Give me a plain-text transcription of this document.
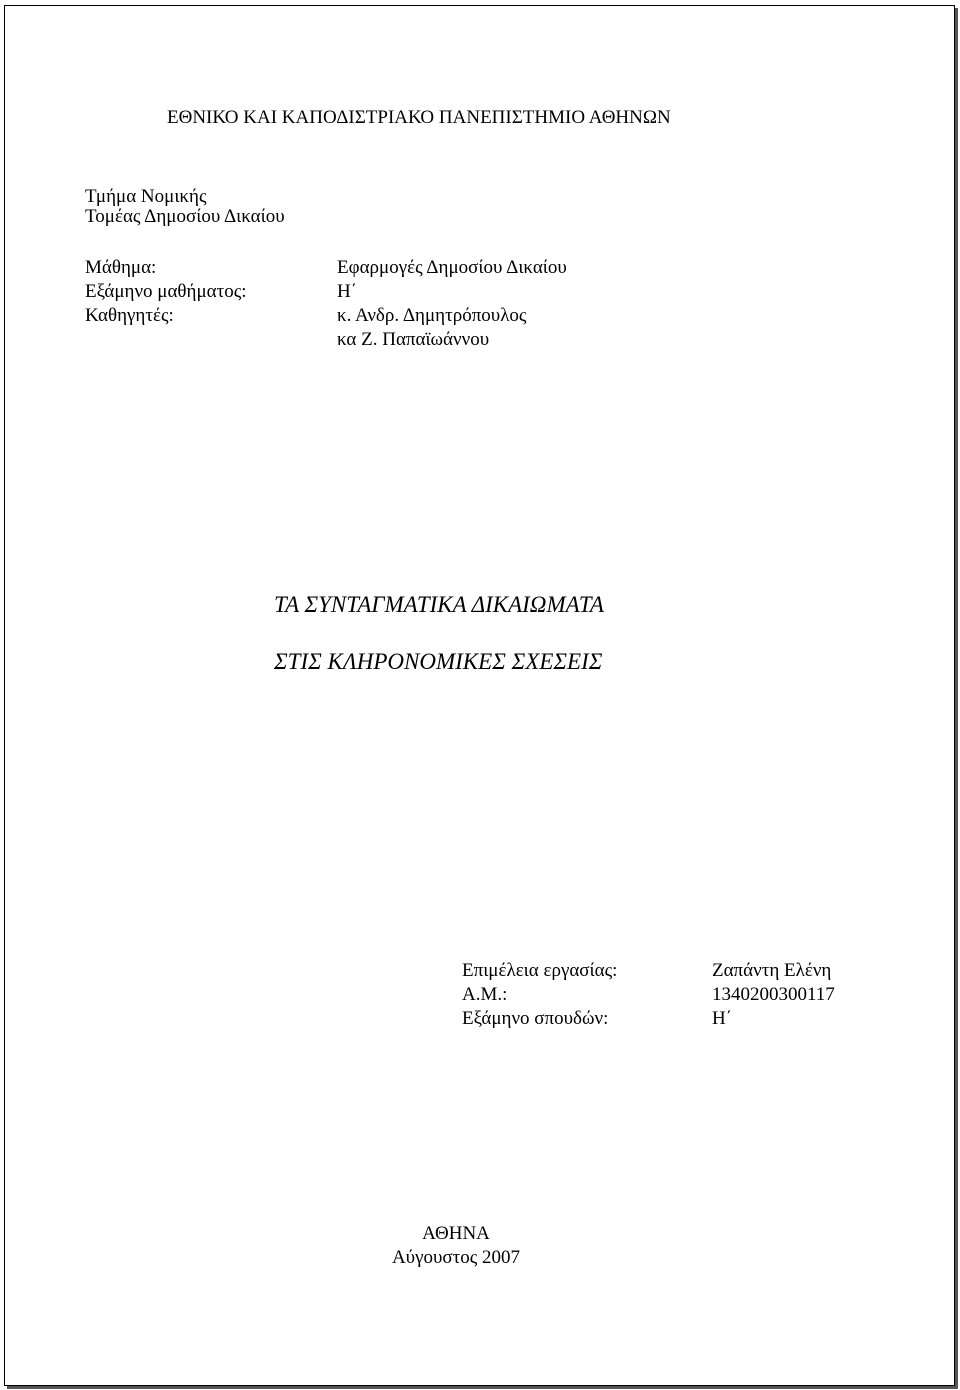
ΕΘΝΙΚΟ ΚΑΙ ΚΑΠΟΔΙΣΤΡΙΑΚΟ ΠΑΝΕΠΙΣΤΗΜΙΟ ΑΘΗΝΩΝ
Τμήμα Νομικής
Τομέας Δημοσίου Δικαίου
Μάθημα:	Εφαρμογές Δημοσίου Δικαίου
Εξάμηνο μαθήματος:	Η΄
Καθηγητές:	κ. Ανδρ. Δημητρόπουλος
κα Ζ. Παπαϊωάννου
ΤΑ ΣΥΝΤΑΓΜΑΤΙΚΑ ΔΙΚΑΙΩΜΑΤΑ
ΣΤΙΣ ΚΛΗΡΟΝΟΜΙΚΕΣ ΣΧΕΣΕΙΣ
Επιμέλεια εργασίας:	Ζαπάντη Ελένη
Α.Μ.:	1340200300117
Εξάμηνο σπουδών:	Η΄
ΑΘΗΝΑ
Αύγουστος 2007
